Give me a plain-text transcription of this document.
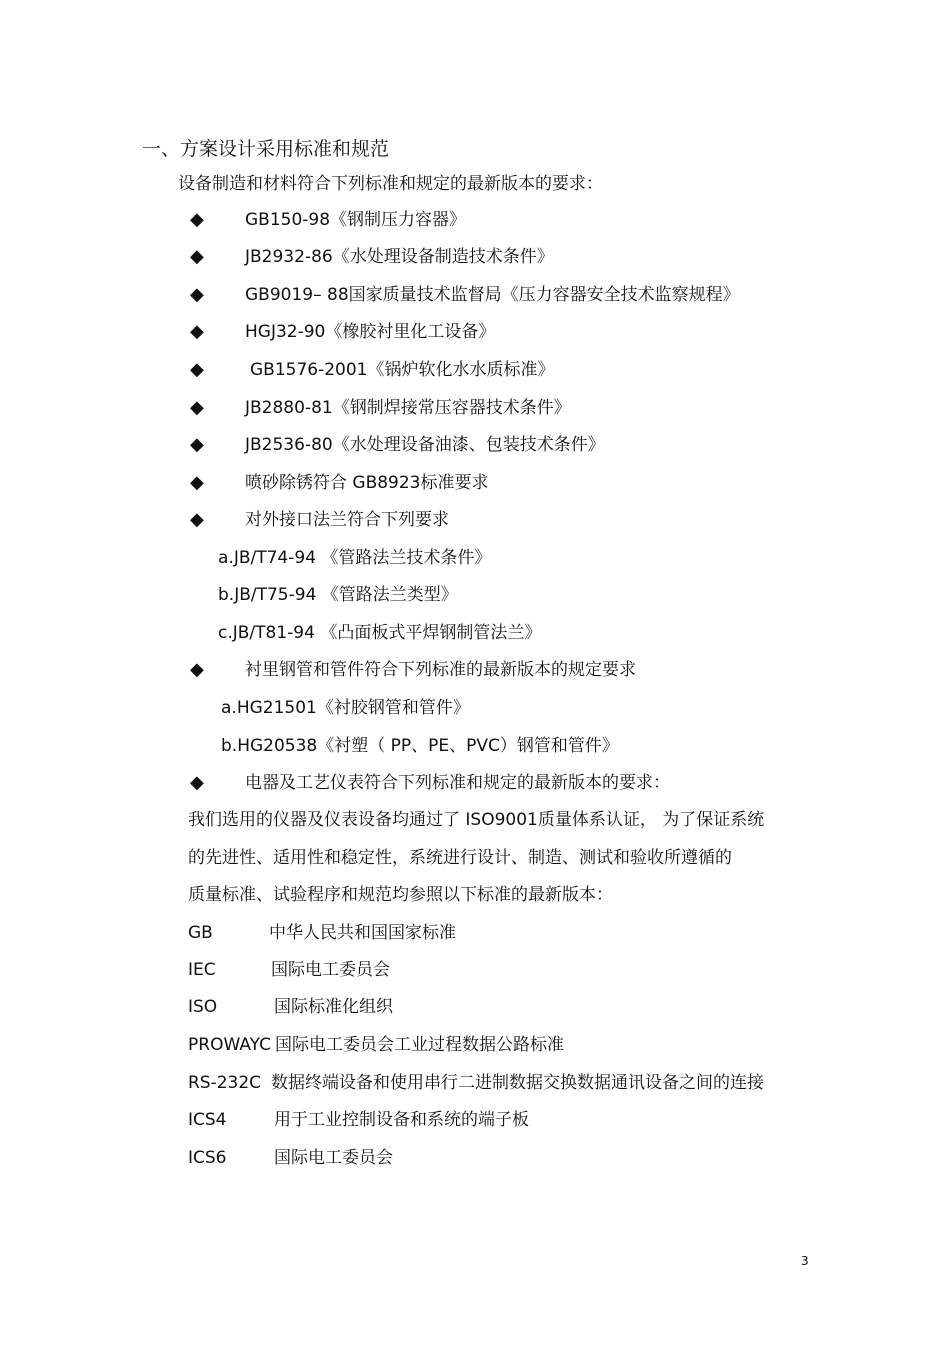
一、方案设计采用标准和规范
设备制造和材料符合下列标准和规定的最新版本的要求：
◆ GB150-98《钢制压力容器》
◆ JB2932-86《水处理设备制造技术条件》
◆ GB9019– 88国家质量技术监督局《压力容器安全技术监察规程》
◆ HGJ32-90《橡胶衬里化工设备》
◆	GB1576-2001《锅炉软化水水质标准》
◆ JB2880-81《钢制焊接常压容器技术条件》
◆ JB2536-80《水处理设备油漆、包装技术条件》
◆ 喷砂除锈符合 GB8923标准要求
◆ 对外接口法兰符合下列要求
a.JB/T74-94 《管路法兰技术条件》
b.JB/T75-94 《管路法兰类型》
c.JB/T81-94 《凸面板式平焊钢制管法兰》
◆ 衬里钢管和管件符合下列标准的最新版本的规定要求
a.HG21501《衬胶钢管和管件》
b.HG20538《衬塑（ PP、PE、PVC）钢管和管件》
◆ 电器及工艺仪表符合下列标准和规定的最新版本的要求：
我们选用的仪器及仪表设备均通过了 ISO9001质量体系认证， 为了保证系统
的先进性、适用性和稳定性，系统进行设计、制造、测试和验收所遵循的
质量标准、试验程序和规范均参照以下标准的最新版本：
GB	中华人民共和国国家标准
IEC	国际电工委员会
ISO	国际标准化组织
PROWAYC 国际电工委员会工业过程数据公路标准
RS-232C 数据终端设备和使用串行二进制数据交换数据通讯设备之间的连接
ICS4	用于工业控制设备和系统的端子板
ICS6	国际电工委员会
3
